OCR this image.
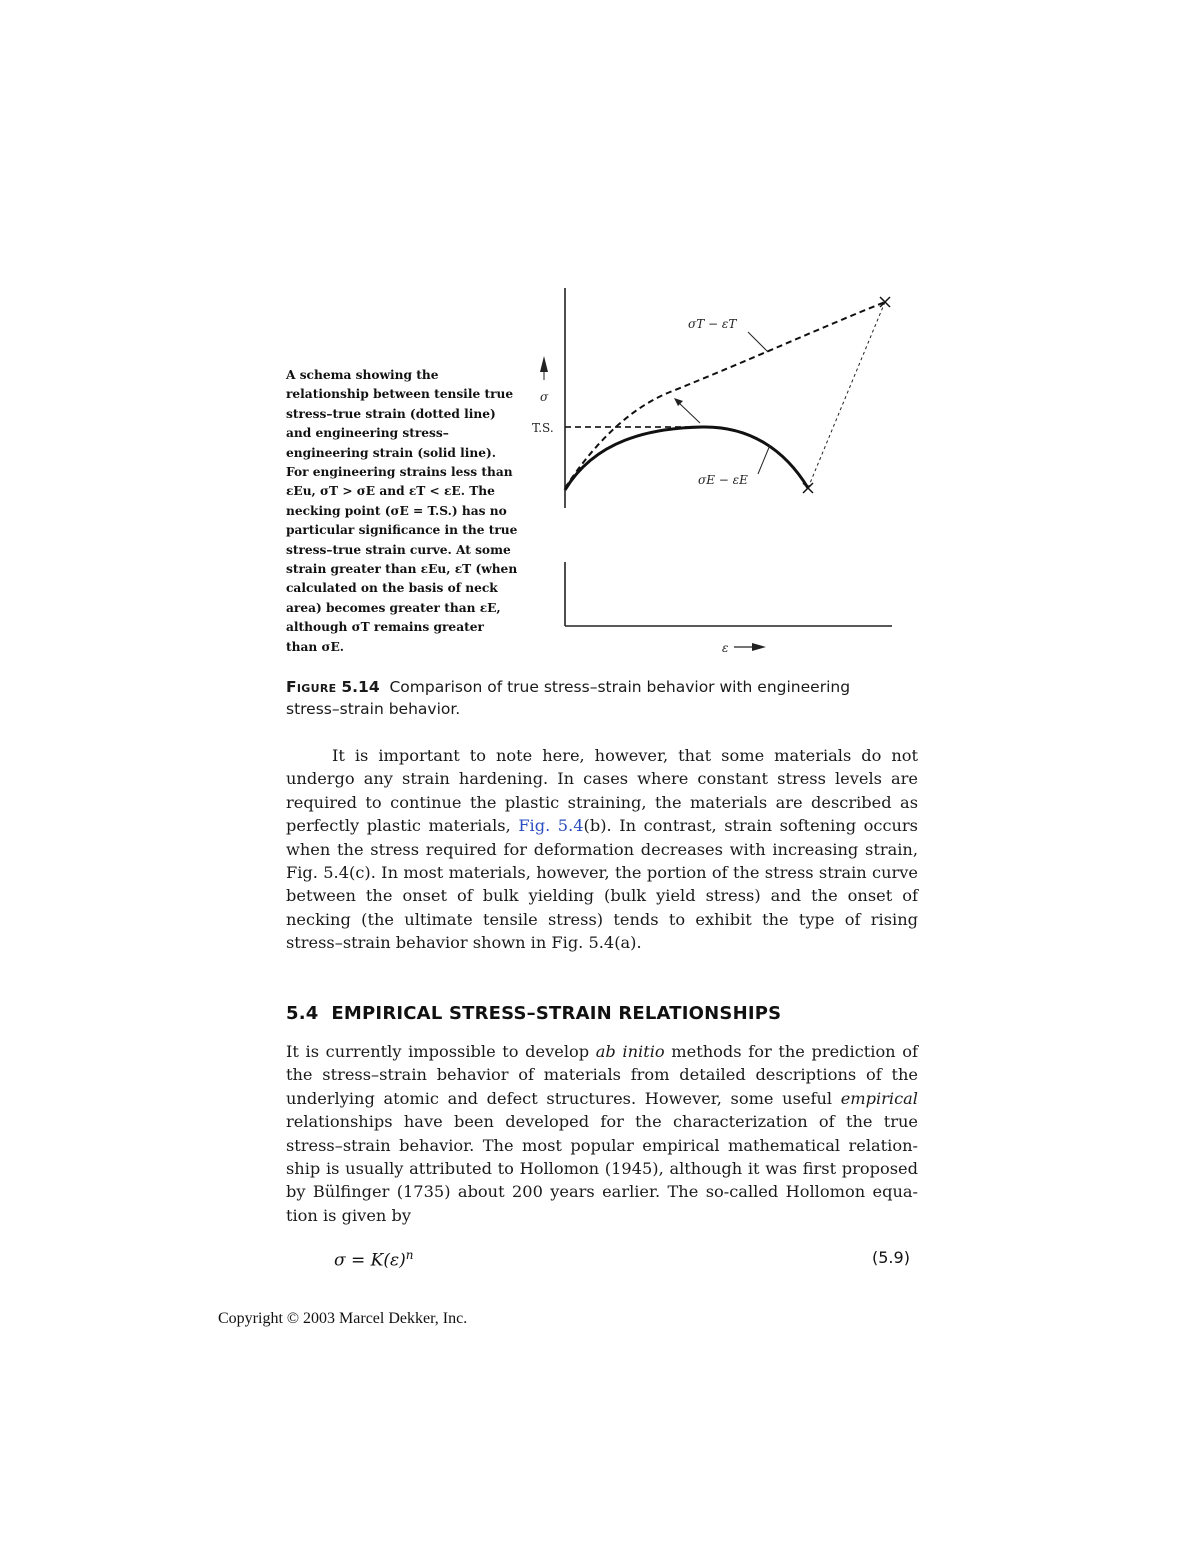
A schema showing the
relationship between tensile true
stress–true strain (dotted line)
and engineering stress–
engineering strain (solid line).
For engineering strains less than
εEu, σT > σE and εT < εE. The
necking point (σE = T.S.) has no
particular significance in the true
stress–true strain curve. At some
strain greater than εEu, εT (when
calculated on the basis of neck
area) becomes greater than εE,
although σT remains greater
than σE.
σ
T.S.
σT − εT
σE − εE
ε
Figure 5.14 Comparison of true stress–strain behavior with engineering
stress–strain behavior.
It is important to note here, however, that some materials do not
undergo any strain hardening. In cases where constant stress levels are
required to continue the plastic straining, the materials are described as
perfectly plastic materials, Fig. 5.4(b). In contrast, strain softening occurs
when the stress required for deformation decreases with increasing strain,
Fig. 5.4(c). In most materials, however, the portion of the stress strain curve
between the onset of bulk yielding (bulk yield stress) and the onset of
necking (the ultimate tensile stress) tends to exhibit the type of rising
stress–strain behavior shown in Fig. 5.4(a).
5.4  EMPIRICAL STRESS–STRAIN RELATIONSHIPS
It is currently impossible to develop ab initio methods for the prediction of
the stress–strain behavior of materials from detailed descriptions of the
underlying atomic and defect structures. However, some useful empirical
relationships have been developed for the characterization of the true
stress–strain behavior. The most popular empirical mathematical relation-
ship is usually attributed to Hollomon (1945), although it was first proposed
by Bülfinger (1735) about 200 years earlier. The so-called Hollomon equa-
tion is given by
$\sigma = K(\varepsilon)^n$	(5.9)
Copyright © 2003 Marcel Dekker, Inc.
